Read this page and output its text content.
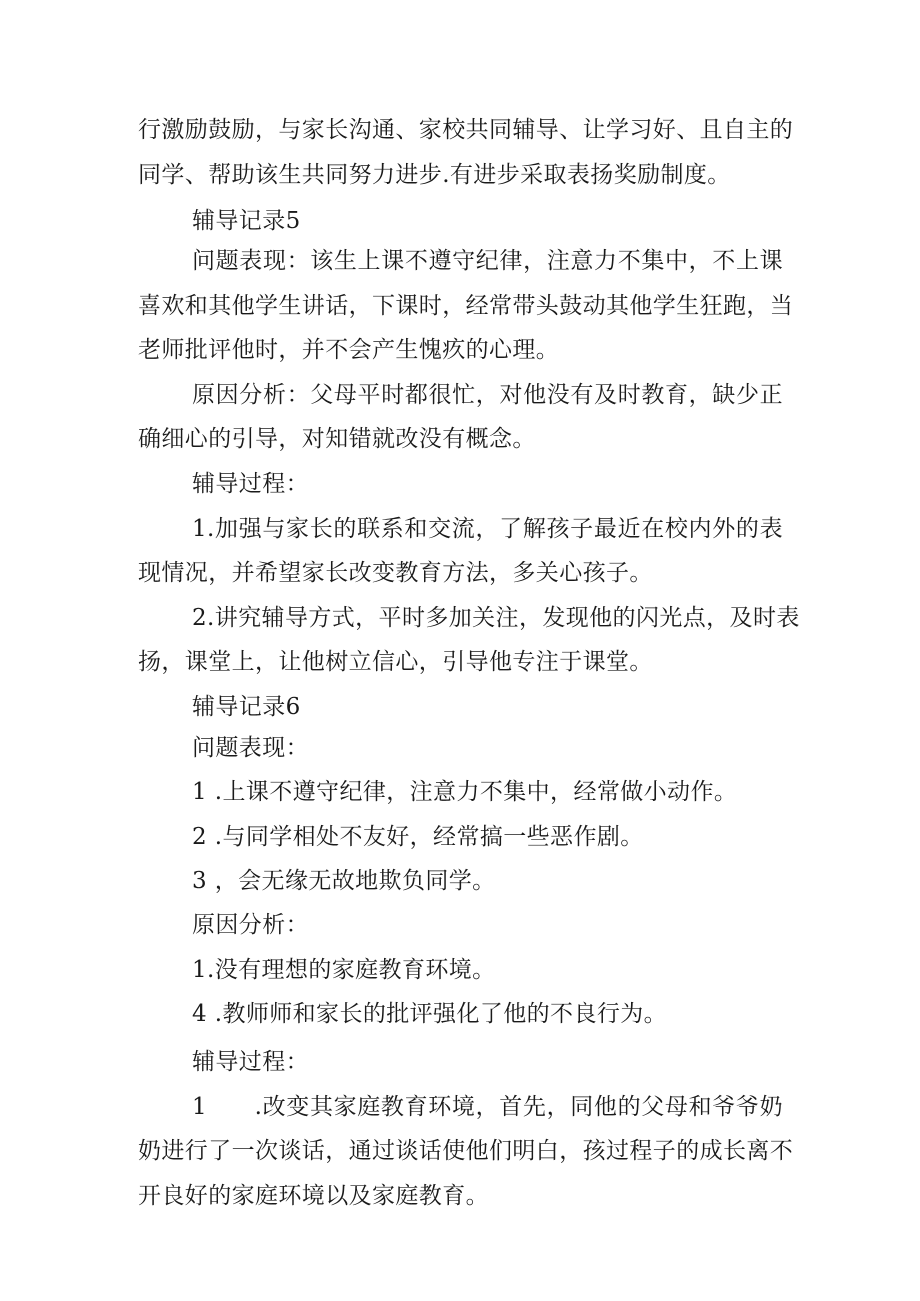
行激励鼓励，与家长沟通、家校共同辅导、让学习好、且自主的
同学、帮助该生共同努力进步.有进步采取表扬奖励制度。
辅导记录5
问题表现：该生上课不遵守纪律，注意力不集中，不上课
喜欢和其他学生讲话，下课时，经常带头鼓动其他学生狂跑，当
老师批评他时，并不会产生愧疚的心理。
原因分析：父母平时都很忙，对他没有及时教育，缺少正
确细心的引导，对知错就改没有概念。
辅导过程：
1.加强与家长的联系和交流，了解孩子最近在校内外的表
现情况，并希望家长改变教育方法，多关心孩子。
2.讲究辅导方式，平时多加关注，发现他的闪光点，及时表
扬，课堂上，让他树立信心，引导他专注于课堂。
辅导记录6
问题表现：
1 .上课不遵守纪律，注意力不集中，经常做小动作。
2 .与同学相处不友好，经常搞一些恶作剧。
3 ，会无缘无故地欺负同学。
原因分析：
1.没有理想的家庭教育环境。
4 .教师师和家长的批评强化了他的不良行为。
辅导过程：
1　　.改变其家庭教育环境，首先，同他的父母和爷爷奶
奶进行了一次谈话，通过谈话使他们明白，孩过程子的成长离不
开良好的家庭环境以及家庭教育。
